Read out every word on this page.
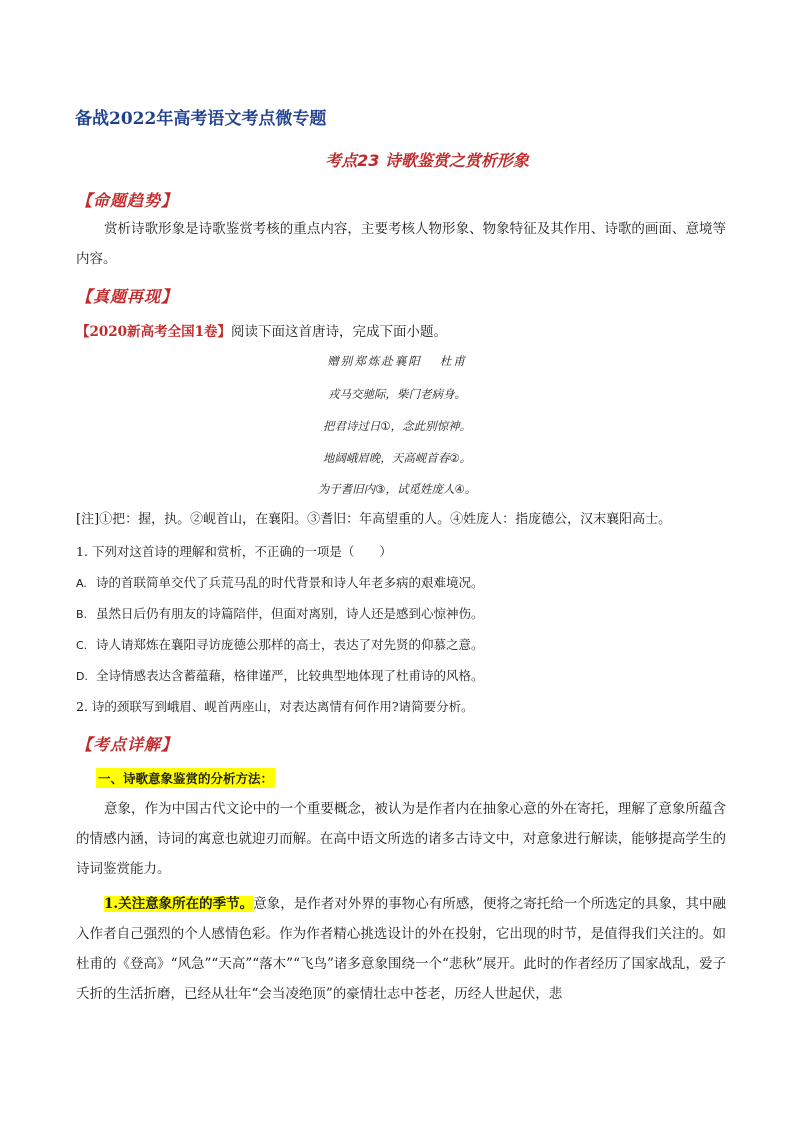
备战2022年高考语文考点微专题
考点23 诗歌鉴赏之赏析形象
【命题趋势】
赏析诗歌形象是诗歌鉴赏考核的重点内容，主要考核人物形象、物象特征及其作用、诗歌的画面、意境等内容。
【真题再现】
【2020新高考全国1卷】阅读下面这首唐诗，完成下面小题。
赠别郑炼赴襄阳 杜甫
戎马交驰际，柴门老病身。
把君诗过日①，念此别惊神。
地阔峨眉晚，天高岘首春②。
为于耆旧内③，试觅姓庞人④。
[注]①把：握，执。②岘首山，在襄阳。③耆旧：年高望重的人。④姓庞人：指庞德公，汉末襄阳高士。
1. 下列对这首诗的理解和赏析，不正确的一项是（　　）
A. 诗的首联简单交代了兵荒马乱的时代背景和诗人年老多病的艰难境况。
B. 虽然日后仍有朋友的诗篇陪伴，但面对离别，诗人还是感到心惊神伤。
C. 诗人请郑炼在襄阳寻访庞德公那样的高士，表达了对先贤的仰慕之意。
D. 全诗情感表达含蓄蕴藉，格律谨严，比较典型地体现了杜甫诗的风格。
2. 诗的颈联写到峨眉、岘首两座山，对表达离情有何作用?请简要分析。
【考点详解】
一、诗歌意象鉴赏的分析方法：
意象，作为中国古代文论中的一个重要概念，被认为是作者内在抽象心意的外在寄托，理解了意象所蕴含的情感内涵，诗词的寓意也就迎刃而解。在高中语文所选的诸多古诗文中，对意象进行解读，能够提高学生的诗词鉴赏能力。
1.关注意象所在的季节。意象，是作者对外界的事物心有所感，便将之寄托给一个所选定的具象，其中融入作者自己强烈的个人感情色彩。作为作者精心挑选设计的外在投射，它出现的时节，是值得我们关注的。如杜甫的《登高》“风急”“天高”“落木”“飞鸟”诸多意象围绕一个“悲秋”展开。此时的作者经历了国家战乱，爱子夭折的生活折磨，已经从壮年“会当凌绝顶”的豪情壮志中苍老，历经人世起伏，悲
